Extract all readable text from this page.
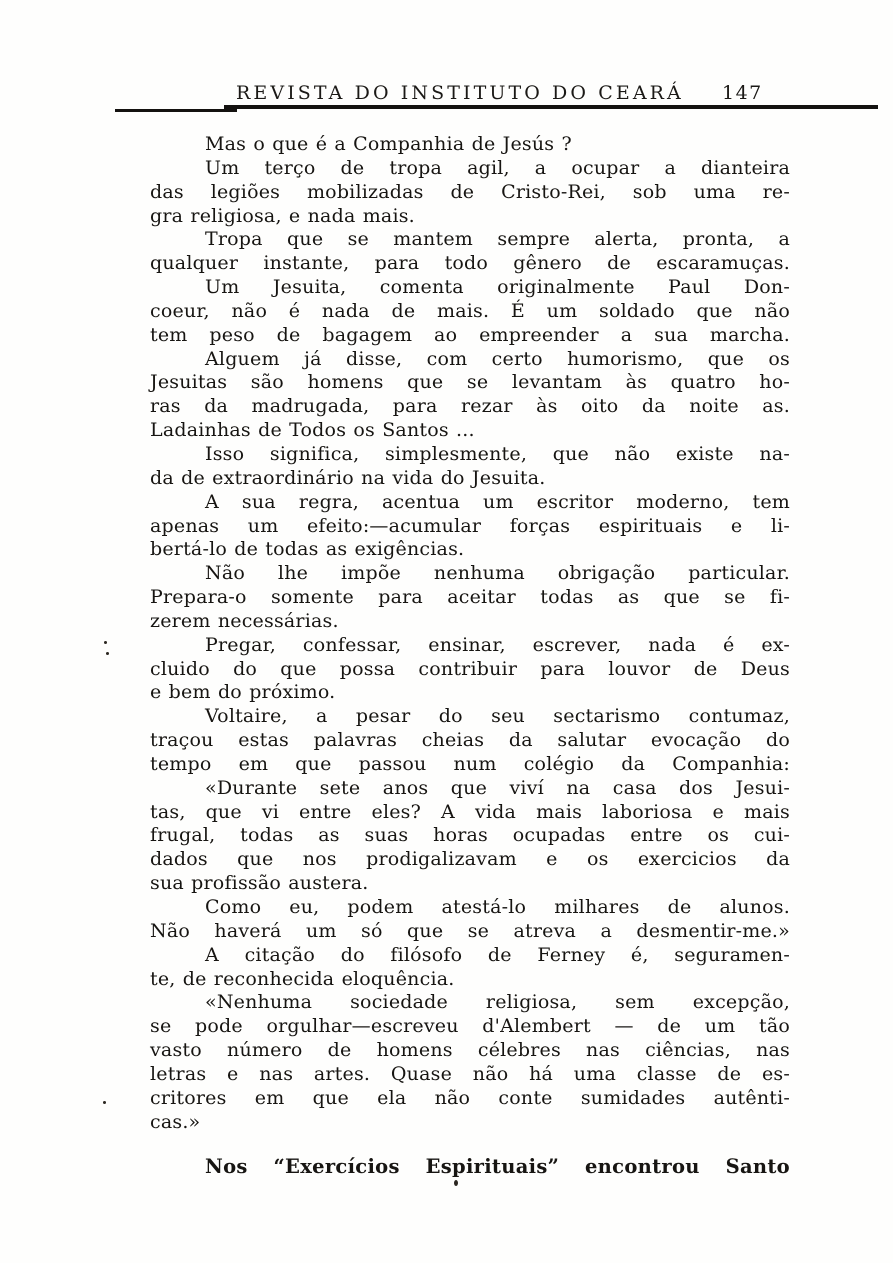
REVISTA DO INSTITUTO DO CEARÁ 147
Mas o que é a Companhia de Jesús ?
Um terço de tropa agil, a ocupar a dianteira
das legiões mobilizadas de Cristo-Rei, sob uma re-
gra religiosa, e nada mais.
Tropa que se mantem sempre alerta, pronta, a
qualquer instante, para todo gênero de escaramuças.
Um Jesuita, comenta originalmente Paul Don-
coeur, não é nada de mais. É um soldado que não
tem peso de bagagem ao empreender a sua marcha.
Alguem já disse, com certo humorismo, que os
Jesuitas são homens que se levantam às quatro ho-
ras da madrugada, para rezar às oito da noite as.
Ladainhas de Todos os Santos ...
Isso significa, simplesmente, que não existe na-
da de extraordinário na vida do Jesuita.
A sua regra, acentua um escritor moderno, tem
apenas um efeito:—acumular forças espirituais e li-
bertá-lo de todas as exigências.
Não lhe impõe nenhuma obrigação particular.
Prepara-o somente para aceitar todas as que se fi-
zerem necessárias.
Pregar, confessar, ensinar, escrever, nada é ex-
cluido do que possa contribuir para louvor de Deus
e bem do próximo.
Voltaire, a pesar do seu sectarismo contumaz,
traçou estas palavras cheias da salutar evocação do
tempo em que passou num colégio da Companhia:
«Durante sete anos que viví na casa dos Jesui-
tas, que vi entre eles? A vida mais laboriosa e mais
frugal, todas as suas horas ocupadas entre os cui-
dados que nos prodigalizavam e os exercicios da
sua profissão austera.
Como eu, podem atestá-lo milhares de alunos.
Não haverá um só que se atreva a desmentir-me.»
A citação do filósofo de Ferney é, seguramen-
te, de reconhecida eloquência.
«Nenhuma sociedade religiosa, sem excepção,
se pode orgulhar—escreveu d'Alembert — de um tão
vasto número de homens célebres nas ciências, nas
letras e nas artes. Quase não há uma classe de es-
critores em que ela não conte sumidades autênti-
cas.»
Nos “Exercícios Espirituais” encontrou Santo
